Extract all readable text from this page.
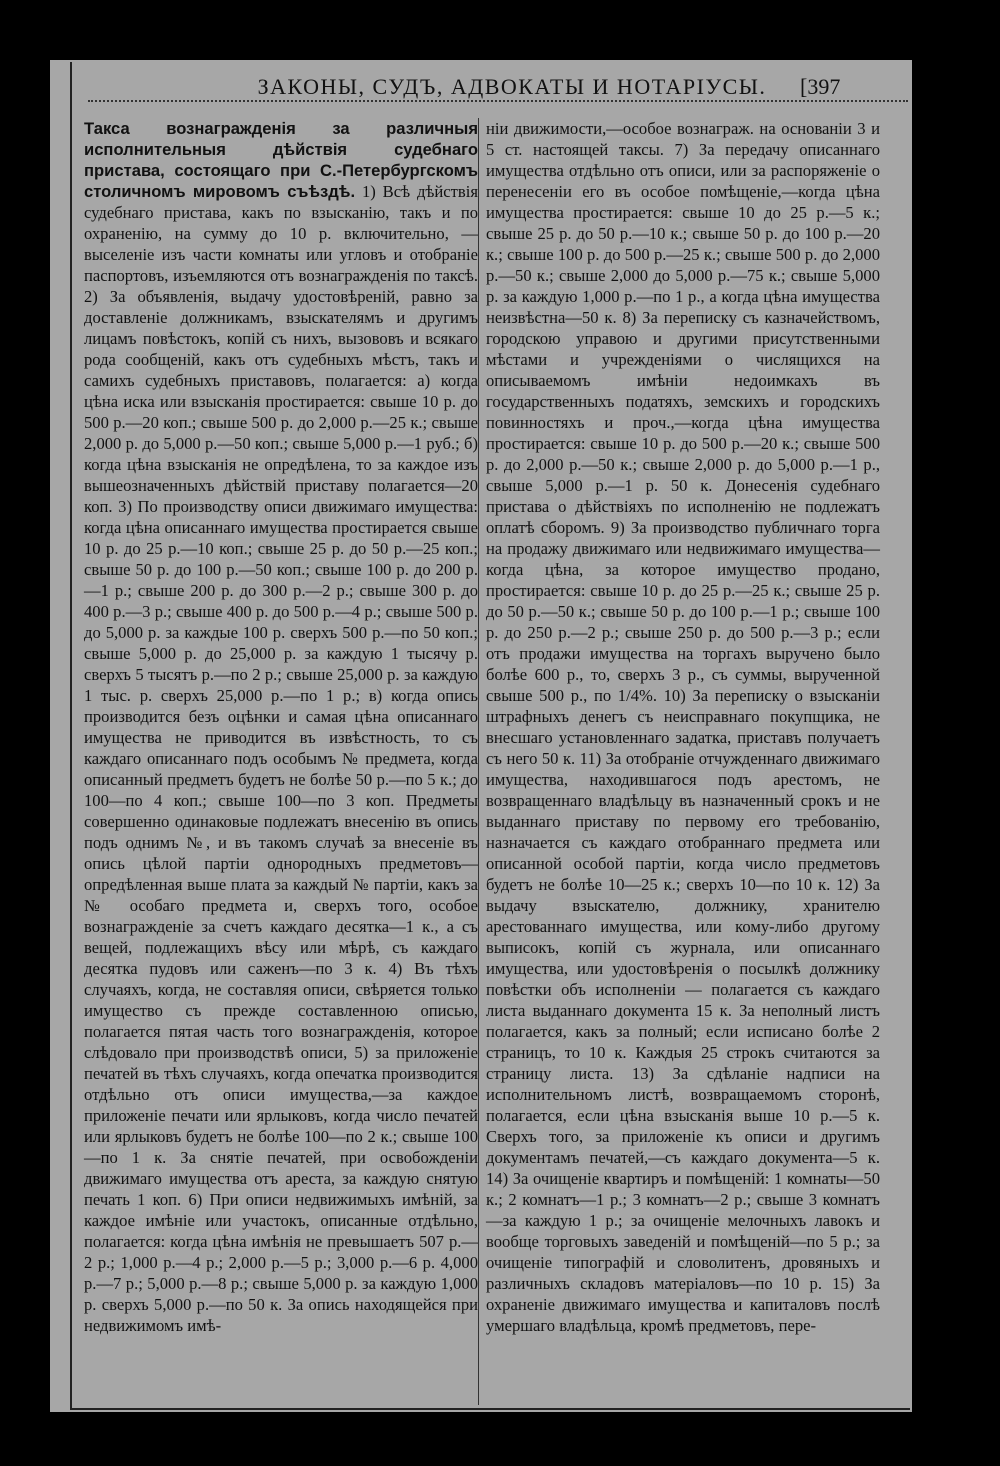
ЗАКОНЫ, СУДЪ, АДВОКАТЫ И НОТАРІУСЫ.	[397

Такса вознагражденія за различныя исполнительныя дѣйствія судебнаго пристава, состоящаго при С.-Петербургскомъ столичномъ мировомъ съѣздѣ. 1) Всѣ дѣйствія судебнаго пристава, какъ по взысканію, такъ и по охраненію, на сумму до 10 р. включительно, — выселеніе изъ части комнаты или угловъ и отобраніе паспортовъ, изъемляются отъ вознагражденія по таксѣ. 2) За объявленія, выдачу удостовѣреній, равно за доставленіе должникамъ, взыскателямъ и другимъ лицамъ повѣстокъ, копій съ нихъ, вызововъ и всякаго рода сообщеній, какъ отъ судебныхъ мѣстъ, такъ и самихъ судебныхъ приставовъ, полагается: а) когда цѣна иска или взысканія простирается: свыше 10 р. до 500 р.—20 коп.; свыше 500 р. до 2,000 р.—25 к.; свыше 2,000 р. до 5,000 р.—50 коп.; свыше 5,000 р.—1 руб.; б) когда цѣна взысканія не опредѣлена, то за каждое изъ вышеозначенныхъ дѣйствій приставу полагается—20 коп. 3) По производству описи движимаго имущества: когда цѣна описаннаго имущества простирается свыше 10 р. до 25 р.—10 коп.; свыше 25 р. до 50 р.—25 коп.; свыше 50 р. до 100 р.—50 коп.; свыше 100 р. до 200 р.—1 р.; свыше 200 р. до 300 р.—2 р.; свыше 300 р. до 400 р.—3 р.; свыше 400 р. до 500 р.—4 р.; свыше 500 р. до 5,000 р. за каждые 100 р. сверхъ 500 р.—по 50 коп.; свыше 5,000 р. до 25,000 р. за каждую 1 тысячу р. сверхъ 5 тысятъ р.—по 2 р.; свыше 25,000 р. за каждую 1 тыс. р. сверхъ 25,000 р.—по 1 р.; в) когда опись производится безъ оцѣнки и самая цѣна описаннаго имущества не приводится въ извѣстность, то съ каждаго описаннаго подъ особымъ № предмета, когда описанный предметъ будетъ не болѣе 50 р.—по 5 к.; до 100—по 4 коп.; свыше 100—по 3 коп. Предметы совершенно одинаковые подлежатъ внесенію въ опись подъ однимъ №, и въ такомъ случаѣ за внесеніе въ опись цѣлой партіи однородныхъ предметовъ—опредѣленная выше плата за каждый № партіи, какъ за № особаго предмета и, сверхъ того, особое вознагражденіе за счетъ каждаго десятка—1 к., а съ вещей, подлежащихъ вѣсу или мѣрѣ, съ каждаго десятка пудовъ или саженъ—по 3 к. 4) Въ тѣхъ случаяхъ, когда, не составляя описи, свѣряется только имущество съ прежде составленною описью, полагается пятая часть того вознагражденія, которое слѣдовало при производствѣ описи, 5) за приложеніе печатей въ тѣхъ случаяхъ, когда опечатка производится отдѣльно отъ описи имущества,—за каждое приложеніе печати или ярлыковъ, когда число печатей или ярлыковъ будетъ не болѣе 100—по 2 к.; свыше 100—по 1 к. За снятіе печатей, при освобожденіи движимаго имущества отъ ареста, за каждую снятую печать 1 коп. 6) При описи недвижимыхъ имѣній, за каждое имѣніе или участокъ, описанные отдѣльно, полагается: когда цѣна имѣнія не превышаетъ 507 р.—2 р.; 1,000 р.—4 р.; 2,000 р.—5 р.; 3,000 р.—6 р. 4,000 р.—7 р.; 5,000 р.—8 р.; свыше 5,000 р. за каждую 1,000 р. сверхъ 5,000 р.—по 50 к. За опись находящейся при недвижимомъ имѣ-

ніи движимости,—особое вознаграж. на основаніи 3 и 5 ст. настоящей таксы. 7) За передачу описаннаго имущества отдѣльно отъ описи, или за распоряженіе о перенесеніи его въ особое помѣщеніе,—когда цѣна имущества простирается: свыше 10 до 25 р.—5 к.; свыше 25 р. до 50 р.—10 к.; свыше 50 р. до 100 р.—20 к.; свыше 100 р. до 500 р.—25 к.; свыше 500 р. до 2,000 р.—50 к.; свыше 2,000 до 5,000 р.—75 к.; свыше 5,000 р. за каждую 1,000 р.—по 1 р., а когда цѣна имущества неизвѣстна—50 к. 8) За переписку съ казначействомъ, городскою управою и другими присутственными мѣстами и учрежденіями о числящихся на описываемомъ имѣніи недоимкахъ въ государственныхъ податяхъ, земскихъ и городскихъ повинностяхъ и проч.,—когда цѣна имущества простирается: свыше 10 р. до 500 р.—20 к.; свыше 500 р. до 2,000 р.—50 к.; свыше 2,000 р. до 5,000 р.—1 р., свыше 5,000 р.—1 р. 50 к. Донесенія судебнаго пристава о дѣйствіяхъ по исполненію не подлежатъ оплатѣ сборомъ. 9) За производство публичнаго торга на продажу движимаго или недвижимаго имущества—когда цѣна, за которое имущество продано, простирается: свыше 10 р. до 25 р.—25 к.; свыше 25 р. до 50 р.—50 к.; свыше 50 р. до 100 р.—1 р.; свыше 100 р. до 250 р.—2 р.; свыше 250 р. до 500 р.—3 р.; если отъ продажи имущества на торгахъ выручено было болѣе 600 р., то, сверхъ 3 р., съ суммы, вырученной свыше 500 р., по 1/4%. 10) За переписку о взысканіи штрафныхъ денегъ съ неисправнаго покупщика, не внесшаго установленнаго задатка, приставъ получаетъ съ него 50 к. 11) За отобраніе отчужденнаго движимаго имущества, находившагося подъ арестомъ, не возвращеннаго владѣльцу въ назначенный срокъ и не выданнаго приставу по первому его требованію, назначается съ каждаго отобраннаго предмета или описанной особой партіи, когда число предметовъ будетъ не болѣе 10—25 к.; сверхъ 10—по 10 к. 12) За выдачу взыскателю, должнику, хранителю арестованнаго имущества, или кому-либо другому выписокъ, копій съ журнала, или описаннаго имущества, или удостовѣренія о посылкѣ должнику повѣстки объ исполненіи — полагается съ каждаго листа выданнаго документа 15 к. За неполный листъ полагается, какъ за полный; если исписано болѣе 2 страницъ, то 10 к. Каждыя 25 строкъ считаются за страницу листа. 13) За сдѣланіе надписи на исполнительномъ листѣ, возвращаемомъ сторонѣ, полагается, если цѣна взысканія выше 10 р.—5 к. Сверхъ того, за приложеніе къ описи и другимъ документамъ печатей,—съ каждаго документа—5 к. 14) За очищеніе квартиръ и помѣщеній: 1 комнаты—50 к.; 2 комнатъ—1 р.; 3 комнатъ—2 р.; свыше 3 комнатъ—за каждую 1 р.; за очищеніе мелочныхъ лавокъ и вообще торговыхъ заведеній и помѣщеній—по 5 р.; за очищеніе типографій и словолитенъ, дровяныхъ и различныхъ складовъ матеріаловъ—по 10 р. 15) За охраненіе движимаго имущества и капиталовъ послѣ умершаго владѣльца, кромѣ предметовъ, пере-
